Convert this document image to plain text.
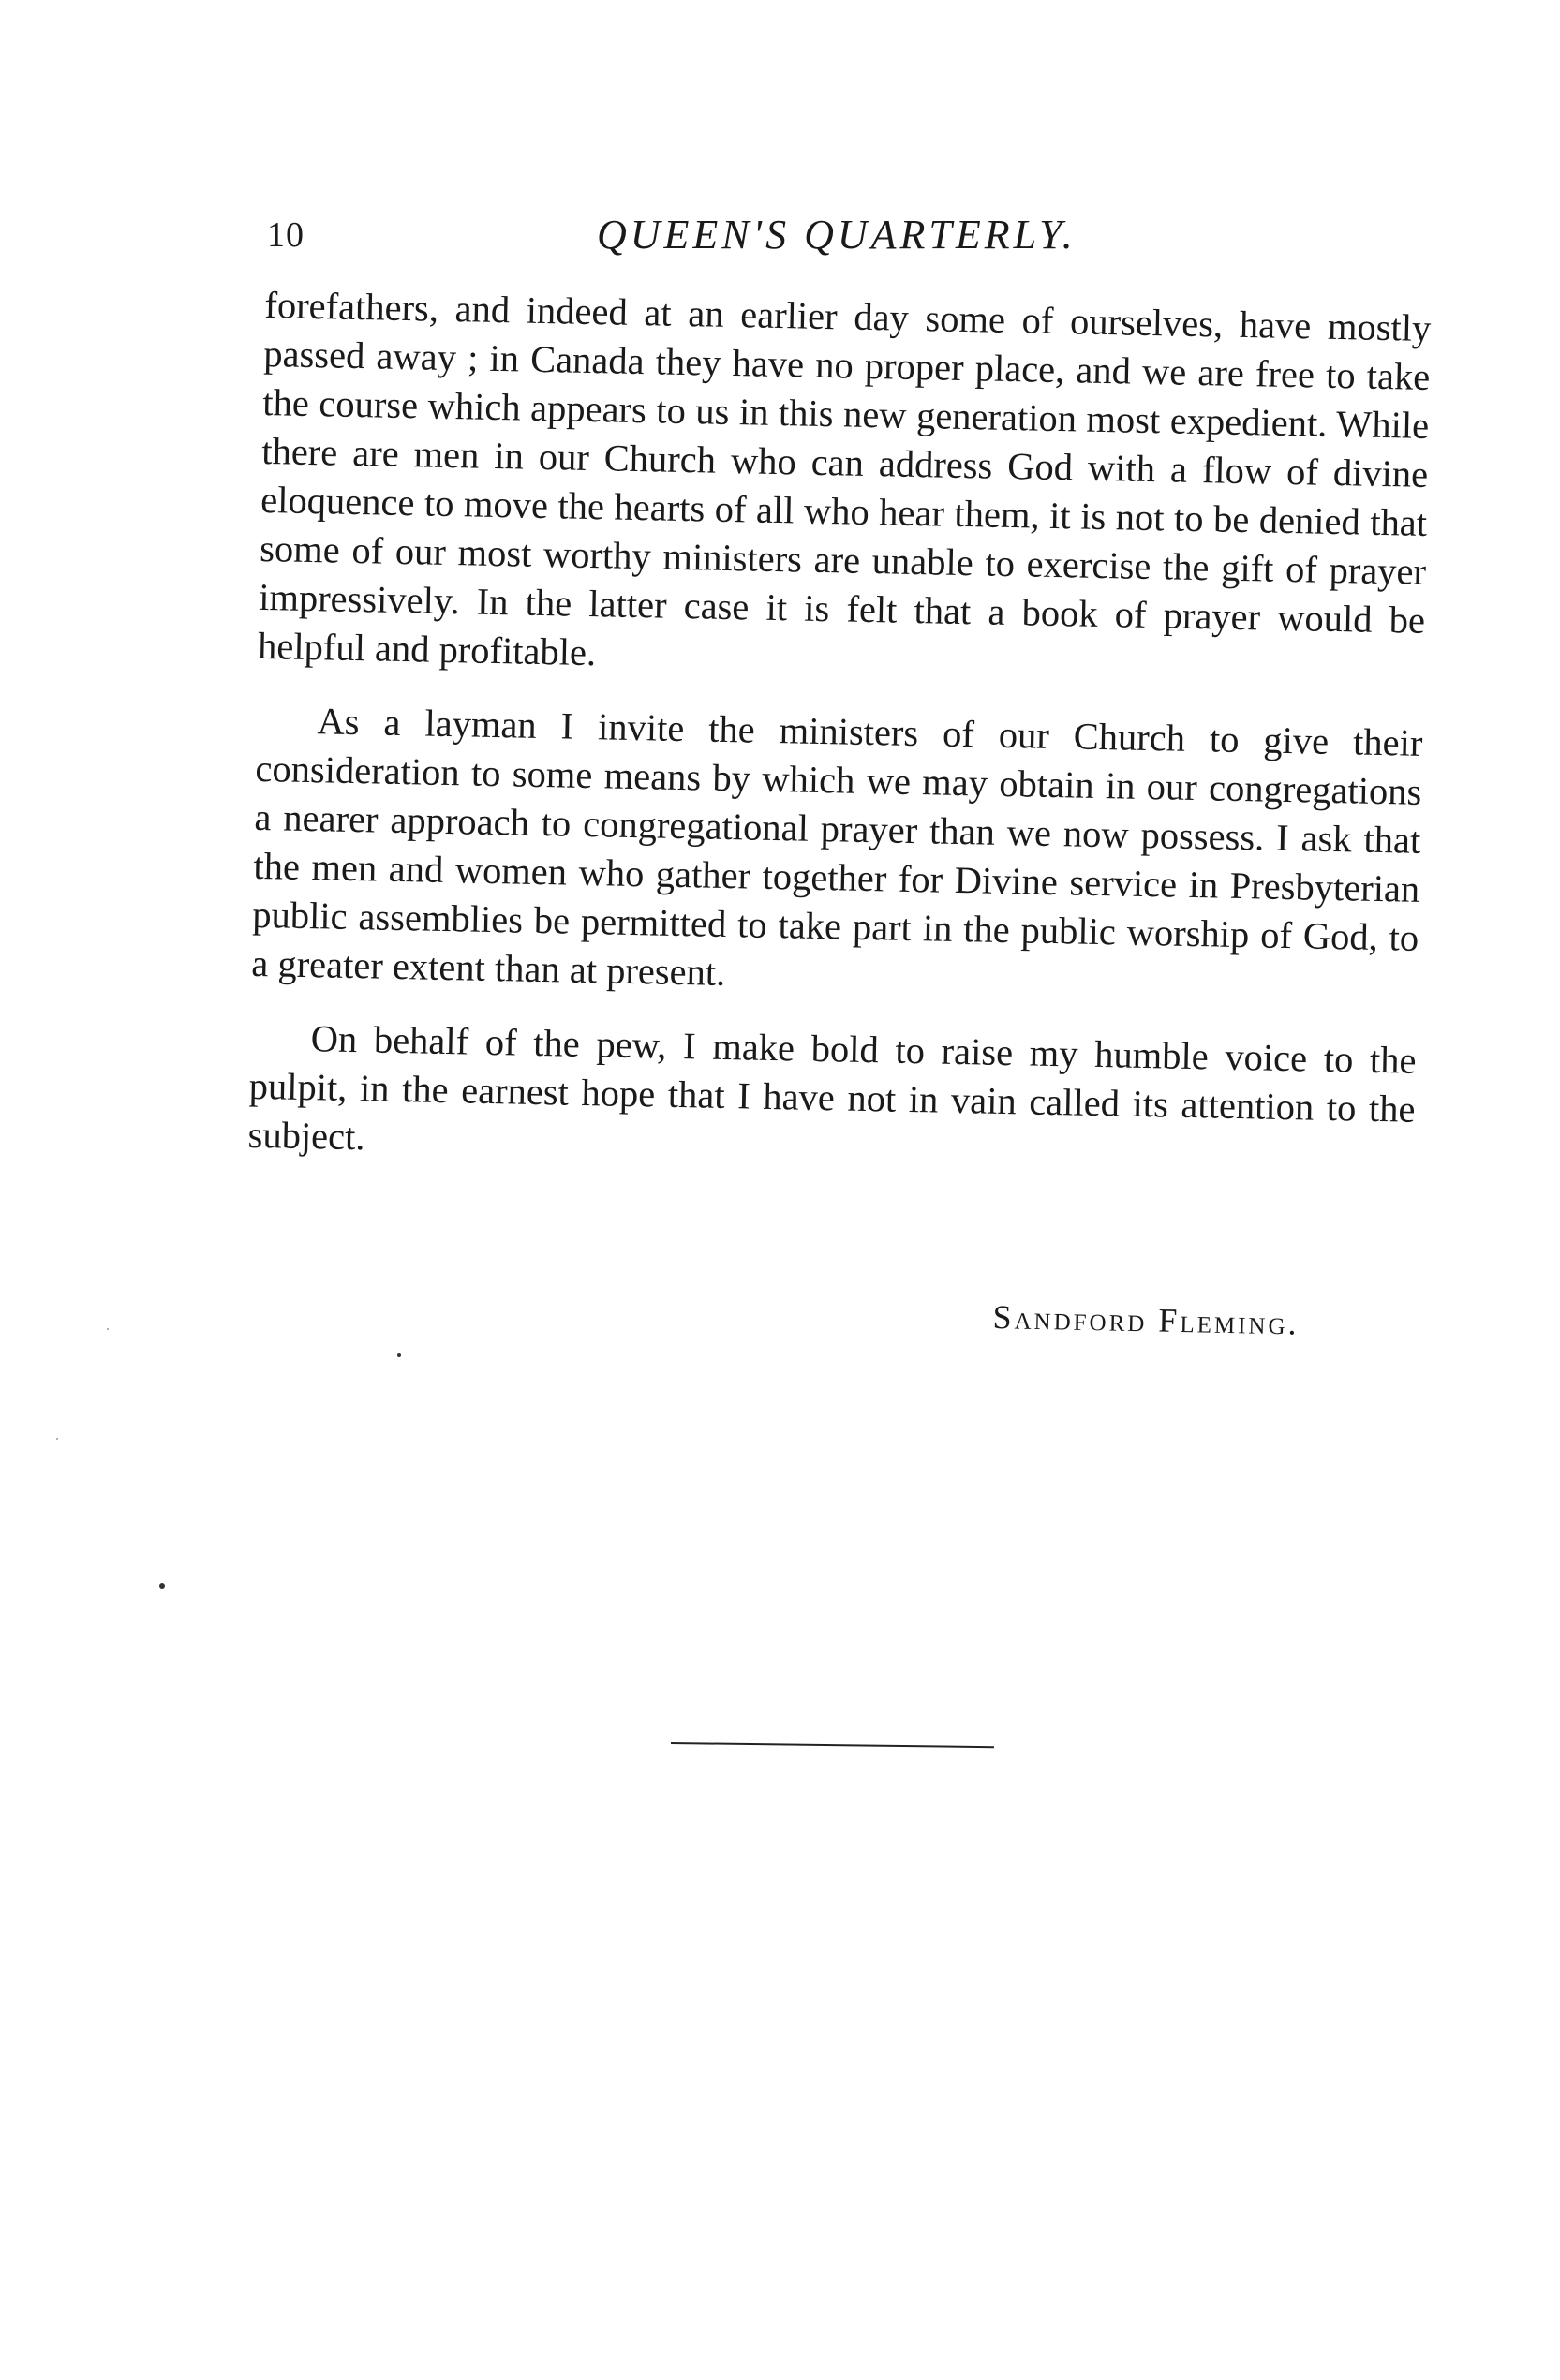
10	QUEEN'S QUARTERLY.

forefathers, and indeed at an earlier day some of ourselves, have mostly passed away ; in Canada they have no proper place, and we are free to take the course which appears to us in this new generation most expedient. While there are men in our Church who can address God with a flow of divine eloquence to move the hearts of all who hear them, it is not to be denied that some of our most worthy ministers are unable to exercise the gift of prayer impressively. In the latter case it is felt that a book of prayer would be helpful and profitable.

As a layman I invite the ministers of our Church to give their consideration to some means by which we may obtain in our congregations a nearer approach to congregational prayer than we now possess. I ask that the men and women who gather together for Divine service in Presbyterian public assemblies be permitted to take part in the public worship of God, to a greater extent than at present.

On behalf of the pew, I make bold to raise my humble voice to the pulpit, in the earnest hope that I have not in vain called its attention to the subject.

Sandford Fleming.
